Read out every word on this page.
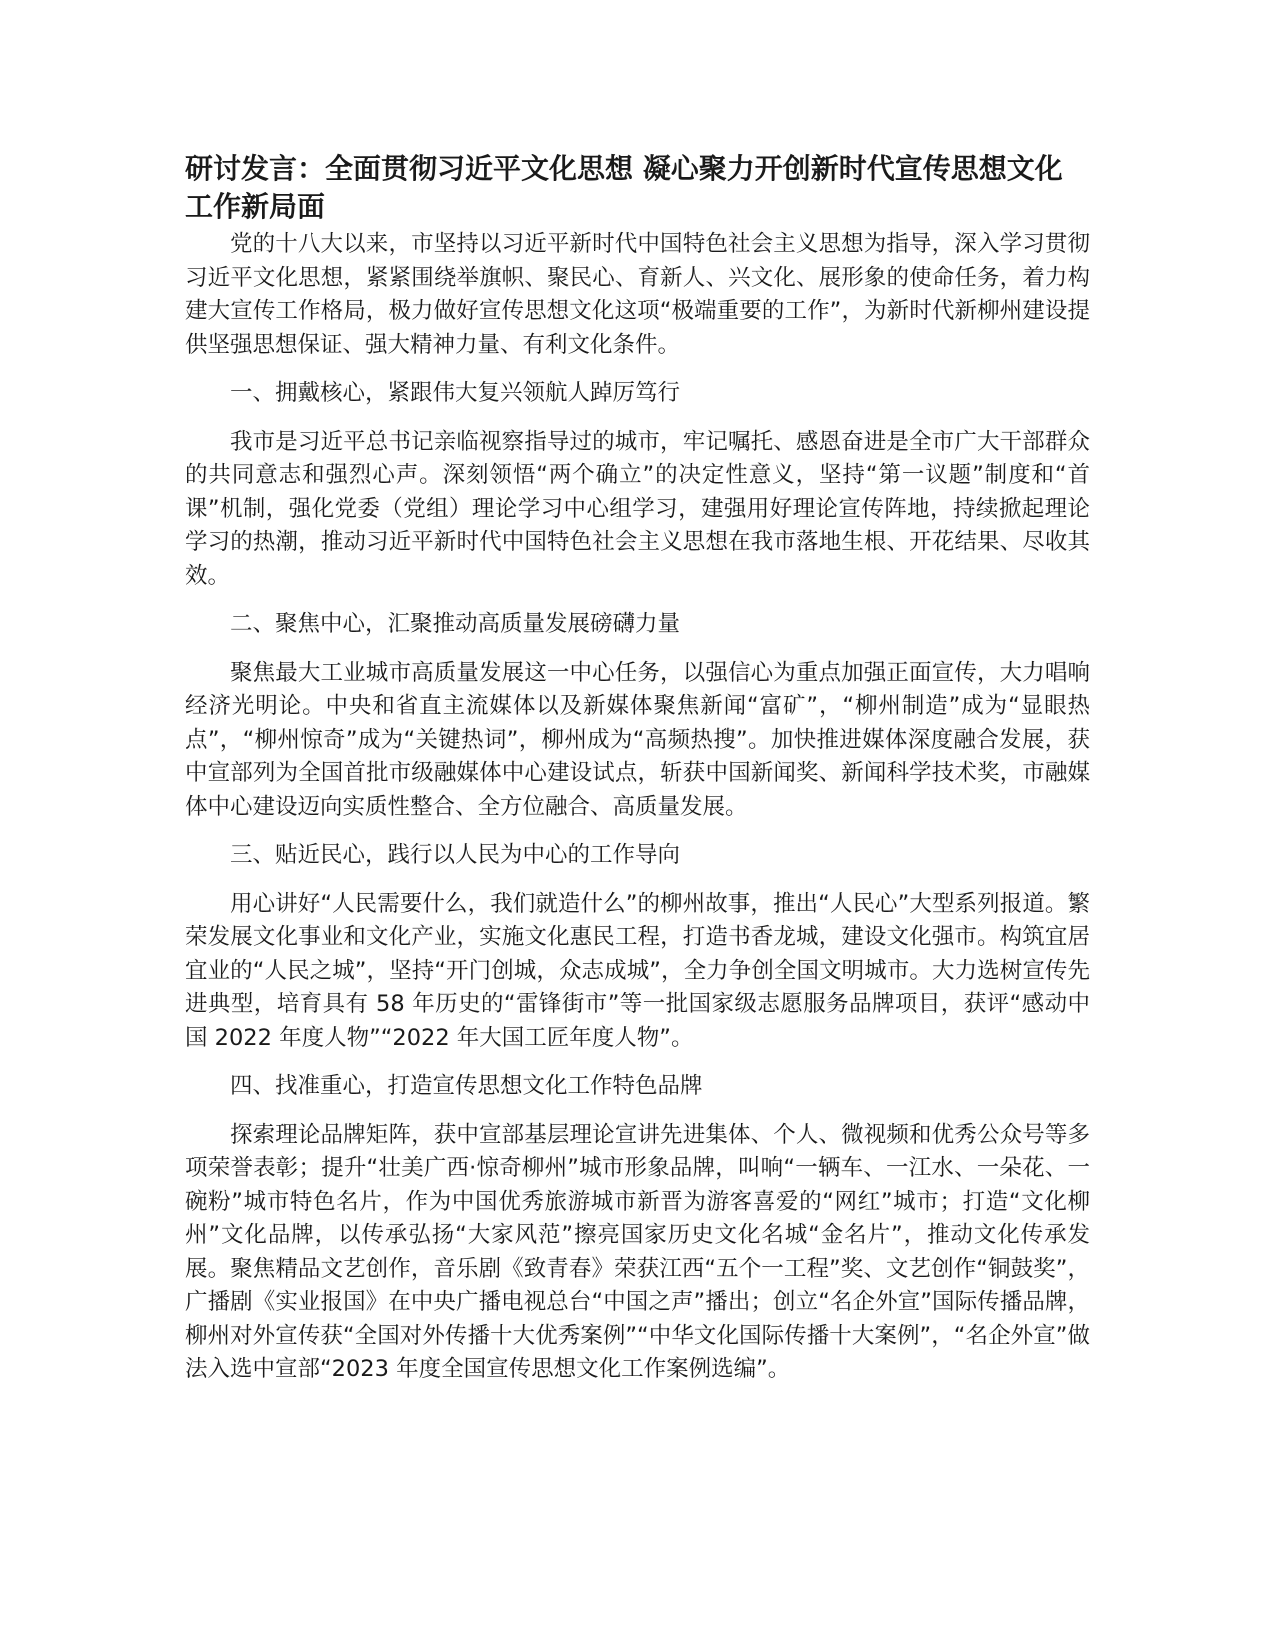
研讨发言：全面贯彻习近平文化思想 凝心聚力开创新时代宣传思想文化工作新局面

党的十八大以来，市坚持以习近平新时代中国特色社会主义思想为指导，深入学习贯彻习近平文化思想，紧紧围绕举旗帜、聚民心、育新人、兴文化、展形象的使命任务，着力构建大宣传工作格局，极力做好宣传思想文化这项“极端重要的工作”，为新时代新柳州建设提供坚强思想保证、强大精神力量、有利文化条件。

一、拥戴核心，紧跟伟大复兴领航人踔厉笃行

我市是习近平总书记亲临视察指导过的城市，牢记嘱托、感恩奋进是全市广大干部群众的共同意志和强烈心声。深刻领悟“两个确立”的决定性意义，坚持“第一议题”制度和“首课”机制，强化党委（党组）理论学习中心组学习，建强用好理论宣传阵地，持续掀起理论学习的热潮，推动习近平新时代中国特色社会主义思想在我市落地生根、开花结果、尽收其效。

二、聚焦中心，汇聚推动高质量发展磅礴力量

聚焦最大工业城市高质量发展这一中心任务，以强信心为重点加强正面宣传，大力唱响经济光明论。中央和省直主流媒体以及新媒体聚焦新闻“富矿”，“柳州制造”成为“显眼热点”，“柳州惊奇”成为“关键热词”，柳州成为“高频热搜”。加快推进媒体深度融合发展，获中宣部列为全国首批市级融媒体中心建设试点，斩获中国新闻奖、新闻科学技术奖，市融媒体中心建设迈向实质性整合、全方位融合、高质量发展。

三、贴近民心，践行以人民为中心的工作导向

用心讲好“人民需要什么，我们就造什么”的柳州故事，推出“人民心”大型系列报道。繁荣发展文化事业和文化产业，实施文化惠民工程，打造书香龙城，建设文化强市。构筑宜居宜业的“人民之城”，坚持“开门创城，众志成城”，全力争创全国文明城市。大力选树宣传先进典型，培育具有 58 年历史的“雷锋街市”等一批国家级志愿服务品牌项目，获评“感动中国 2022 年度人物”“2022 年大国工匠年度人物”。

四、找准重心，打造宣传思想文化工作特色品牌

探索理论品牌矩阵，获中宣部基层理论宣讲先进集体、个人、微视频和优秀公众号等多项荣誉表彰；提升“壮美广西·惊奇柳州”城市形象品牌，叫响“一辆车、一江水、一朵花、一碗粉”城市特色名片，作为中国优秀旅游城市新晋为游客喜爱的“网红”城市；打造“文化柳州”文化品牌，以传承弘扬“大家风范”擦亮国家历史文化名城“金名片”，推动文化传承发展。聚焦精品文艺创作，音乐剧《致青春》荣获江西“五个一工程”奖、文艺创作“铜鼓奖”，广播剧《实业报国》在中央广播电视总台“中国之声”播出；创立“名企外宣”国际传播品牌，柳州对外宣传获“全国对外传播十大优秀案例”“中华文化国际传播十大案例”，“名企外宣”做法入选中宣部“2023 年度全国宣传思想文化工作案例选编”。
